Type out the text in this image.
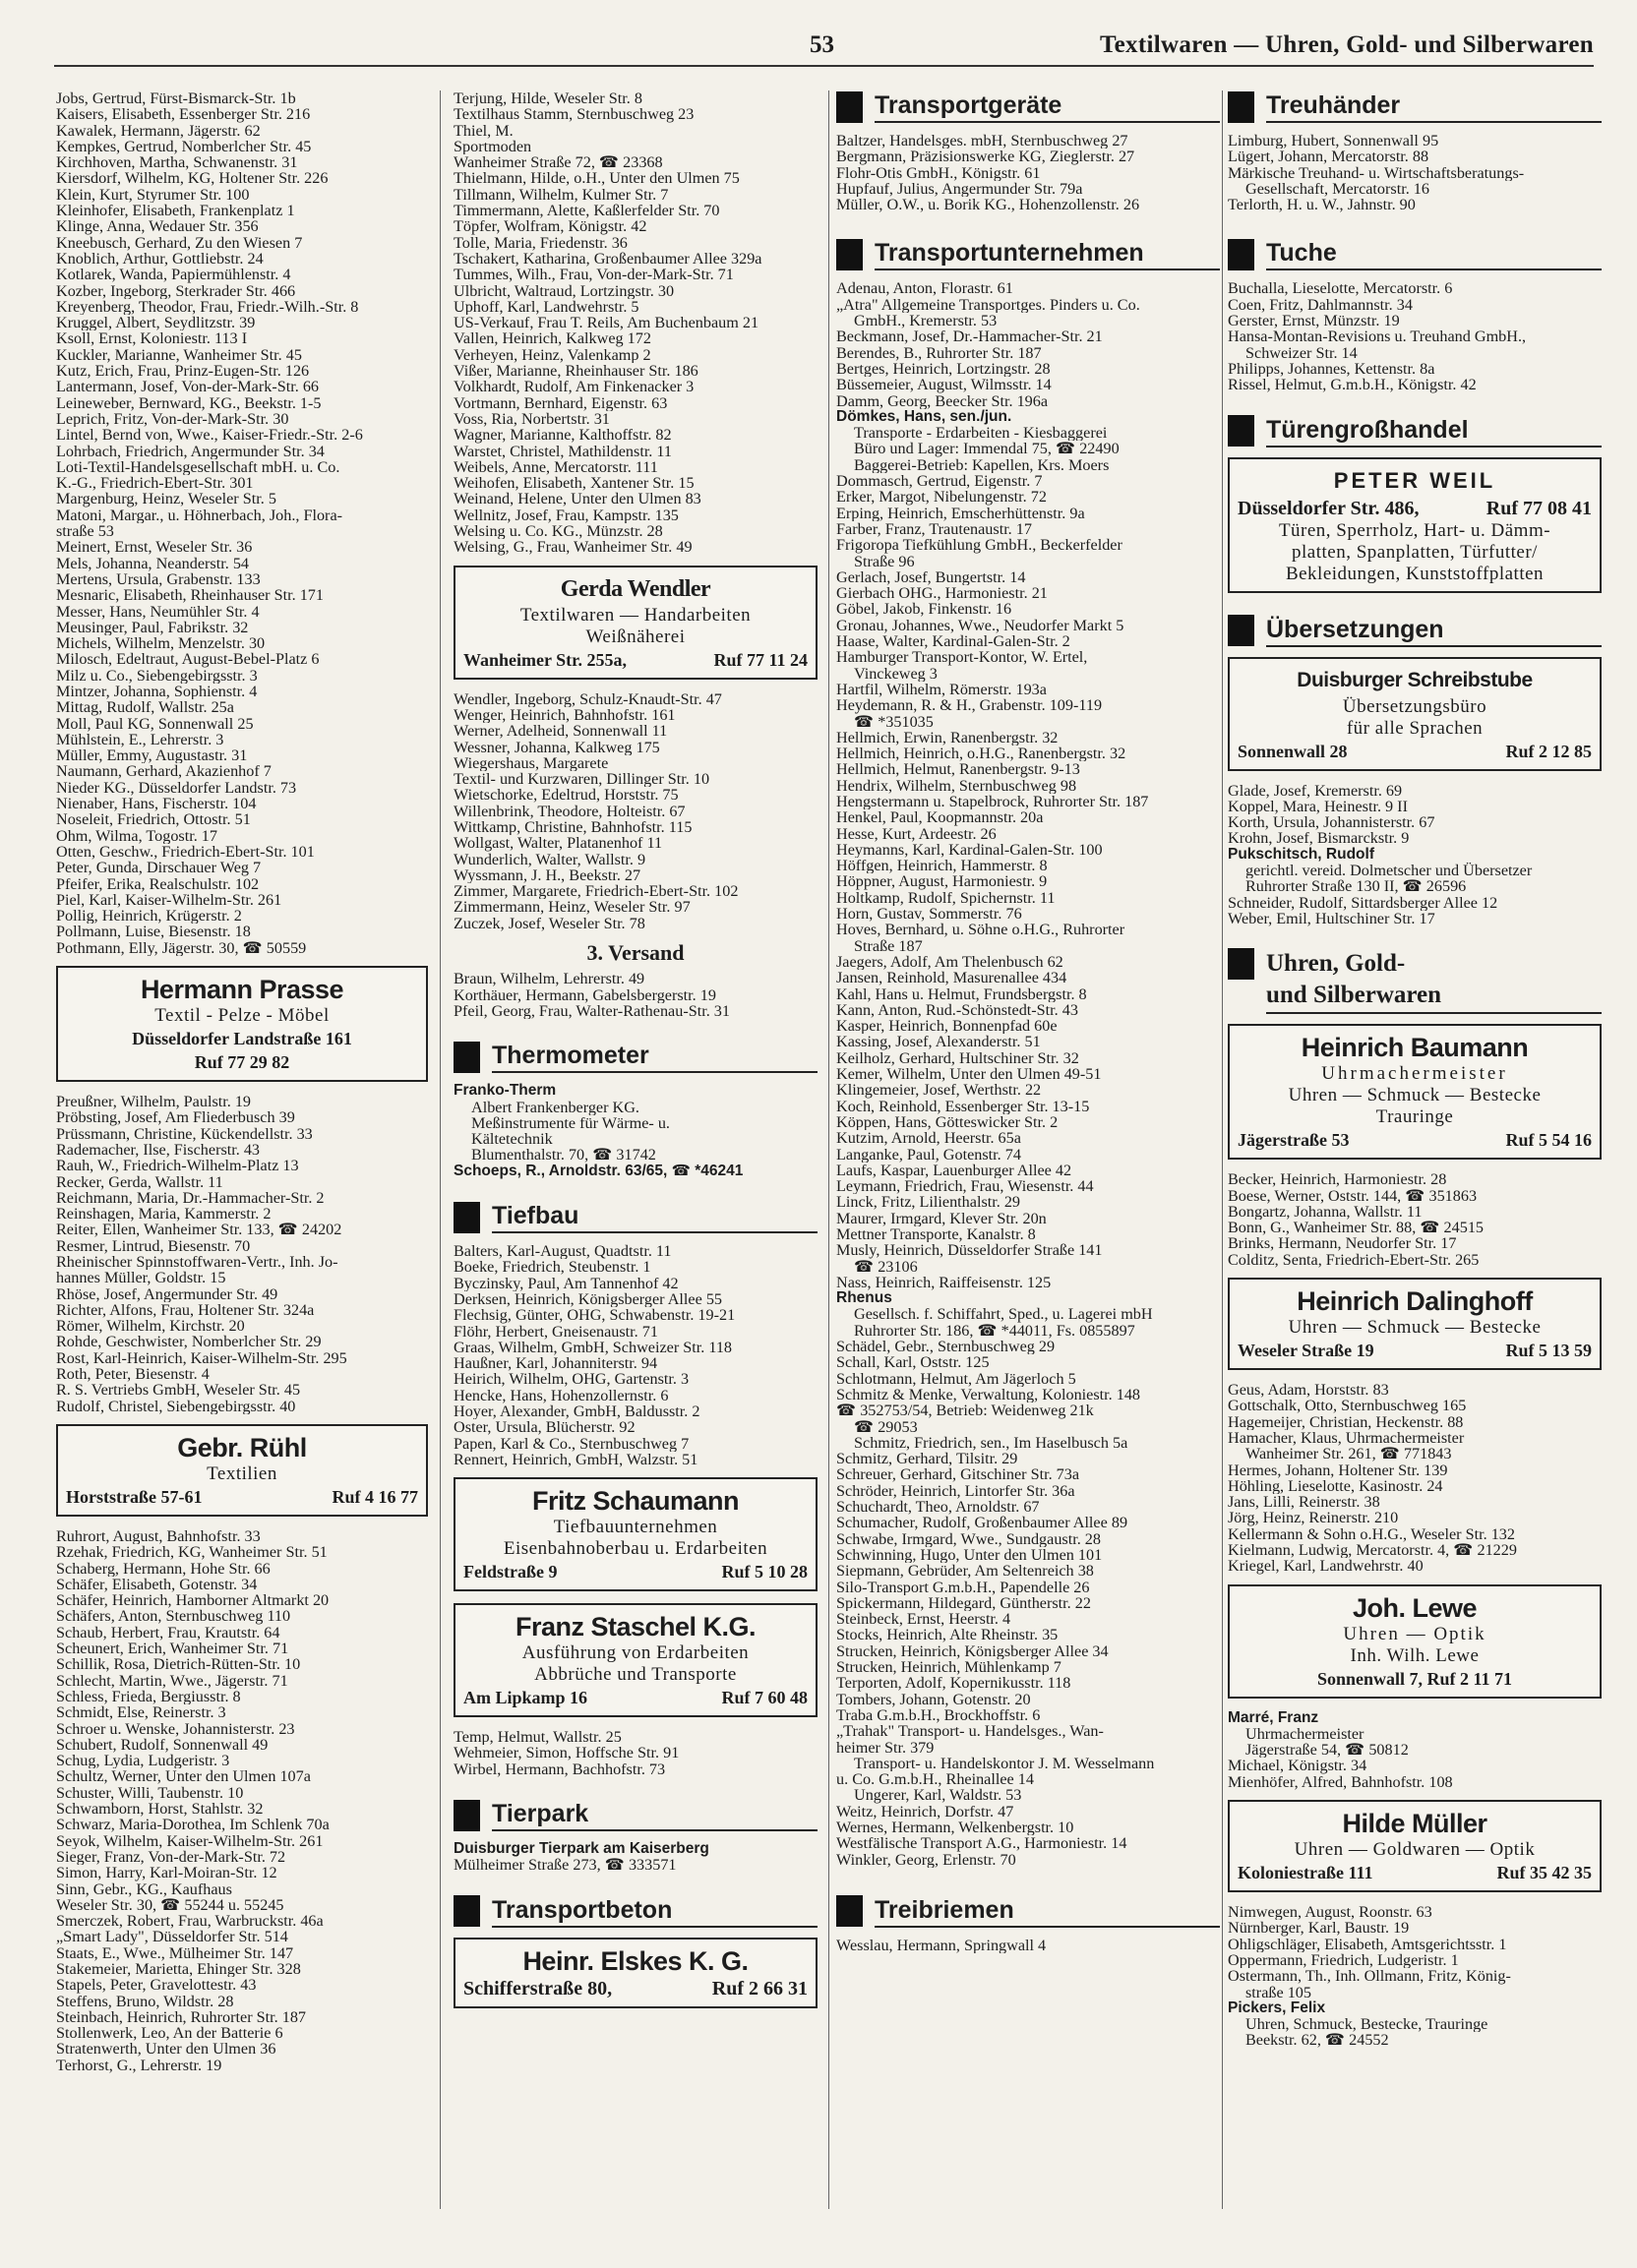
53	Textilwaren — Uhren, Gold- und Silberwaren
Jobs, Gertrud, Fürst-Bismarck-Str. 1b
Kaisers, Elisabeth, Essenberger Str. 216
Kawalek, Hermann, Jägerstr. 62
Kempkes, Gertrud, Nomberlcher Str. 45
Kirchhoven, Martha, Schwanenstr. 31
Kiersdorf, Wilhelm, KG, Holtener Str. 226
Klein, Kurt, Styrumer Str. 100
Kleinhofer, Elisabeth, Frankenplatz 1
Klinge, Anna, Wedauer Str. 356
Kneebusch, Gerhard, Zu den Wiesen 7
Knoblich, Arthur, Gottliebstr. 24
Kotlarek, Wanda, Papiermühlenstr. 4
Kozber, Ingeborg, Sterkrader Str. 466
Kreyenberg, Theodor, Frau, Friedr.-Wilh.-Str. 8
Kruggel, Albert, Seydlitzstr. 39
Ksoll, Ernst, Koloniestr. 113 I
Kuckler, Marianne, Wanheimer Str. 45
Kutz, Erich, Frau, Prinz-Eugen-Str. 126
Lantermann, Josef, Von-der-Mark-Str. 66
Leineweber, Bernward, KG., Beekstr. 1-5
Leprich, Fritz, Von-der-Mark-Str. 30
Lintel, Bernd von, Wwe., Kaiser-Friedr.-Str. 2-6
Lohrbach, Friedrich, Angermunder Str. 34
Loti-Textil-Handelsgesellschaft mbH. u. Co.
K.-G., Friedrich-Ebert-Str. 301
Margenburg, Heinz, Weseler Str. 5
Matoni, Margar., u. Höhnerbach, Joh., Flora-
straße 53
Meinert, Ernst, Weseler Str. 36
Mels, Johanna, Neanderstr. 54
Mertens, Ursula, Grabenstr. 133
Mesnaric, Elisabeth, Rheinhauser Str. 171
Messer, Hans, Neumühler Str. 4
Meusinger, Paul, Fabrikstr. 32
Michels, Wilhelm, Menzelstr. 30
Milosch, Edeltraut, August-Bebel-Platz 6
Milz u. Co., Siebengebirgsstr. 3
Mintzer, Johanna, Sophienstr. 4
Mittag, Rudolf, Wallstr. 25a
Moll, Paul KG, Sonnenwall 25
Mühlstein, E., Lehrerstr. 3
Müller, Emmy, Augustastr. 31
Naumann, Gerhard, Akazienhof 7
Nieder KG., Düsseldorfer Landstr. 73
Nienaber, Hans, Fischerstr. 104
Noseleit, Friedrich, Ottostr. 51
Ohm, Wilma, Togostr. 17
Otten, Geschw., Friedrich-Ebert-Str. 101
Peter, Gunda, Dirschauer Weg 7
Pfeifer, Erika, Realschulstr. 102
Piel, Karl, Kaiser-Wilhelm-Str. 261
Pollig, Heinrich, Krügerstr. 2
Pollmann, Luise, Biesenstr. 18
Pothmann, Elly, Jägerstr. 30, ☎ 50559
Hermann Prasse
Textil - Pelze - Möbel
Düsseldorfer Landstraße 161
Ruf 77 29 82
Preußner, Wilhelm, Paulstr. 19
Pröbsting, Josef, Am Fliederbusch 39
Prüssmann, Christine, Kückendellstr. 33
Rademacher, Ilse, Fischerstr. 43
Rauh, W., Friedrich-Wilhelm-Platz 13
Recker, Gerda, Wallstr. 11
Reichmann, Maria, Dr.-Hammacher-Str. 2
Reinshagen, Maria, Kammerstr. 2
Reiter, Ellen, Wanheimer Str. 133, ☎ 24202
Resmer, Lintrud, Biesenstr. 70
Rheinischer Spinnstoffwaren-Vertr., Inh. Jo-
hannes Müller, Goldstr. 15
Rhöse, Josef, Angermunder Str. 49
Richter, Alfons, Frau, Holtener Str. 324a
Römer, Wilhelm, Kirchstr. 20
Rohde, Geschwister, Nomberlcher Str. 29
Rost, Karl-Heinrich, Kaiser-Wilhelm-Str. 295
Roth, Peter, Biesenstr. 4
R. S. Vertriebs GmbH, Weseler Str. 45
Rudolf, Christel, Siebengebirgsstr. 40
Gebr. Rühl
Textilien
Horststraße 57-61	Ruf 4 16 77
Ruhrort, August, Bahnhofstr. 33
Rzehak, Friedrich, KG, Wanheimer Str. 51
Schaberg, Hermann, Hohe Str. 66
Schäfer, Elisabeth, Gotenstr. 34
Schäfer, Heinrich, Hamborner Altmarkt 20
Schäfers, Anton, Sternbuschweg 110
Schaub, Herbert, Frau, Krautstr. 64
Scheunert, Erich, Wanheimer Str. 71
Schillik, Rosa, Dietrich-Rütten-Str. 10
Schlecht, Martin, Wwe., Jägerstr. 71
Schless, Frieda, Bergiusstr. 8
Schmidt, Else, Reinerstr. 3
Schroer u. Wenske, Johannisterstr. 23
Schubert, Rudolf, Sonnenwall 49
Schug, Lydia, Ludgeristr. 3
Schultz, Werner, Unter den Ulmen 107a
Schuster, Willi, Taubenstr. 10
Schwamborn, Horst, Stahlstr. 32
Schwarz, Maria-Dorothea, Im Schlenk 70a
Seyok, Wilhelm, Kaiser-Wilhelm-Str. 261
Sieger, Franz, Von-der-Mark-Str. 72
Simon, Harry, Karl-Moiran-Str. 12
Sinn, Gebr., KG., Kaufhaus
Weseler Str. 30, ☎ 55244 u. 55245
Smerczek, Robert, Frau, Warbruckstr. 46a
„Smart Lady", Düsseldorfer Str. 514
Staats, E., Wwe., Mülheimer Str. 147
Stakemeier, Marietta, Ehinger Str. 328
Stapels, Peter, Gravelottestr. 43
Steffens, Bruno, Wildstr. 28
Steinbach, Heinrich, Ruhrorter Str. 187
Stollenwerk, Leo, An der Batterie 6
Stratenwerth, Unter den Ulmen 36
Terhorst, G., Lehrerstr. 19
Terjung, Hilde, Weseler Str. 8
Textilhaus Stamm, Sternbuschweg 23
Thiel, M.
Sportmoden
Wanheimer Straße 72, ☎ 23368
Thielmann, Hilde, o.H., Unter den Ulmen 75
Tillmann, Wilhelm, Kulmer Str. 7
Timmermann, Alette, Kaßlerfelder Str. 70
Töpfer, Wolfram, Königstr. 42
Tolle, Maria, Friedenstr. 36
Tschakert, Katharina, Großenbaumer Allee 329a
Tummes, Wilh., Frau, Von-der-Mark-Str. 71
Ulbricht, Waltraud, Lortzingstr. 30
Uphoff, Karl, Landwehrstr. 5
US-Verkauf, Frau T. Reils, Am Buchenbaum 21
Vallen, Heinrich, Kalkweg 172
Verheyen, Heinz, Valenkamp 2
Vißer, Marianne, Rheinhauser Str. 186
Volkhardt, Rudolf, Am Finkenacker 3
Vortmann, Bernhard, Eigenstr. 63
Voss, Ria, Norbertstr. 31
Wagner, Marianne, Kalthoffstr. 82
Warstet, Christel, Mathildenstr. 11
Weibels, Anne, Mercatorstr. 111
Weihofen, Elisabeth, Xantener Str. 15
Weinand, Helene, Unter den Ulmen 83
Wellnitz, Josef, Frau, Kampstr. 135
Welsing u. Co. KG., Münzstr. 28
Welsing, G., Frau, Wanheimer Str. 49
Gerda Wendler
Textilwaren — Handarbeiten
Weißnäherei
Wanheimer Str. 255a,	Ruf 77 11 24
Wendler, Ingeborg, Schulz-Knaudt-Str. 47
Wenger, Heinrich, Bahnhofstr. 161
Werner, Adelheid, Sonnenwall 11
Wessner, Johanna, Kalkweg 175
Wiegershaus, Margarete
Textil- und Kurzwaren, Dillinger Str. 10
Wietschorke, Edeltrud, Horststr. 75
Willenbrink, Theodore, Holteistr. 67
Wittkamp, Christine, Bahnhofstr. 115
Wollgast, Walter, Platanenhof 11
Wunderlich, Walter, Wallstr. 9
Wyssmann, J. H., Beekstr. 27
Zimmer, Margarete, Friedrich-Ebert-Str. 102
Zimmermann, Heinz, Weseler Str. 97
Zuczek, Josef, Weseler Str. 78
3. Versand
Braun, Wilhelm, Lehrerstr. 49
Korthäuer, Hermann, Gabelsbergerstr. 19
Pfeil, Georg, Frau, Walter-Rathenau-Str. 31
Thermometer
Franko-Therm
Albert Frankenberger KG.
Meßinstrumente für Wärme- u.
Kältetechnik
Blumenthalstr. 70, ☎ 31742
Schoeps, R., Arnoldstr. 63/65, ☎ *46241
Tiefbau
Balters, Karl-August, Quadtstr. 11
Boeke, Friedrich, Steubenstr. 1
Byczinsky, Paul, Am Tannenhof 42
Derksen, Heinrich, Königsberger Allee 55
Flechsig, Günter, OHG, Schwabenstr. 19-21
Flöhr, Herbert, Gneisenaustr. 71
Graas, Wilhelm, GmbH, Schweizer Str. 118
Haußner, Karl, Johanniterstr. 94
Heirich, Wilhelm, OHG, Gartenstr. 3
Hencke, Hans, Hohenzollernstr. 6
Hoyer, Alexander, GmbH, Baldusstr. 2
Oster, Ursula, Blücherstr. 92
Papen, Karl & Co., Sternbuschweg 7
Rennert, Heinrich, GmbH, Walzstr. 51
Fritz Schaumann
Tiefbauunternehmen
Eisenbahnoberbau u. Erdarbeiten
Feldstraße 9	Ruf 5 10 28
Franz Staschel K.G.
Ausführung von Erdarbeiten
Abbrüche und Transporte
Am Lipkamp 16	Ruf 7 60 48
Temp, Helmut, Wallstr. 25
Wehmeier, Simon, Hoffsche Str. 91
Wirbel, Hermann, Bachhofstr. 73
Tierpark
Duisburger Tierpark am Kaiserberg
Mülheimer Straße 273, ☎ 333571
Transportbeton
Heinr. Elskes K. G.
Schifferstraße 80,	Ruf 2 66 31
Transportgeräte
Baltzer, Handelsges. mbH, Sternbuschweg 27
Bergmann, Präzisionswerke KG, Zieglerstr. 27
Flohr-Otis GmbH., Königstr. 61
Hupfauf, Julius, Angermunder Str. 79a
Müller, O.W., u. Borik KG., Hohenzollenstr. 26
Transportunternehmen
Adenau, Anton, Florastr. 61
„Atra" Allgemeine Transportges. Pinders u. Co.
GmbH., Kremerstr. 53
Beckmann, Josef, Dr.-Hammacher-Str. 21
Berendes, B., Ruhrorter Str. 187
Bertges, Heinrich, Lortzingstr. 28
Büssemeier, August, Wilmsstr. 14
Damm, Georg, Beecker Str. 196a
Dömkes, Hans, sen./jun.
Transporte - Erdarbeiten - Kiesbaggerei
Büro und Lager: Immendal 75, ☎ 22490
Baggerei-Betrieb: Kapellen, Krs. Moers
Dommasch, Gertrud, Eigenstr. 7
Erker, Margot, Nibelungenstr. 72
Erping, Heinrich, Emscherhüttenstr. 9a
Farber, Franz, Trautenaustr. 17
Frigoropa Tiefkühlung GmbH., Beckerfelder
Straße 96
Gerlach, Josef, Bungertstr. 14
Gierbach OHG., Harmoniestr. 21
Göbel, Jakob, Finkenstr. 16
Gronau, Johannes, Wwe., Neudorfer Markt 5
Haase, Walter, Kardinal-Galen-Str. 2
Hamburger Transport-Kontor, W. Ertel,
Vinckeweg 3
Hartfil, Wilhelm, Römerstr. 193a
Heydemann, R. & H., Grabenstr. 109-119
☎ *351035
Hellmich, Erwin, Ranenbergstr. 32
Hellmich, Heinrich, o.H.G., Ranenbergstr. 32
Hellmich, Helmut, Ranenbergstr. 9-13
Hendrix, Wilhelm, Sternbuschweg 98
Hengstermann u. Stapelbrock, Ruhrorter Str. 187
Henkel, Paul, Koopmannstr. 20a
Hesse, Kurt, Ardeestr. 26
Heymanns, Karl, Kardinal-Galen-Str. 100
Höffgen, Heinrich, Hammerstr. 8
Höppner, August, Harmoniestr. 9
Holtkamp, Rudolf, Spichernstr. 11
Horn, Gustav, Sommerstr. 76
Hoves, Bernhard, u. Söhne o.H.G., Ruhrorter
Straße 187
Jaegers, Adolf, Am Thelenbusch 62
Jansen, Reinhold, Masurenallee 434
Kahl, Hans u. Helmut, Frundsbergstr. 8
Kann, Anton, Rud.-Schönstedt-Str. 43
Kasper, Heinrich, Bonnenpfad 60e
Kassing, Josef, Alexanderstr. 51
Keilholz, Gerhard, Hultschiner Str. 32
Kemer, Wilhelm, Unter den Ulmen 49-51
Klingemeier, Josef, Werthstr. 22
Koch, Reinhold, Essenberger Str. 13-15
Köppen, Hans, Götteswicker Str. 2
Kutzim, Arnold, Heerstr. 65a
Langanke, Paul, Gotenstr. 74
Laufs, Kaspar, Lauenburger Allee 42
Leymann, Friedrich, Frau, Wiesenstr. 44
Linck, Fritz, Lilienthalstr. 29
Maurer, Irmgard, Klever Str. 20n
Mettner Transporte, Kanalstr. 8
Musly, Heinrich, Düsseldorfer Straße 141
☎ 23106
Nass, Heinrich, Raiffeisenstr. 125
Rhenus
Gesellsch. f. Schiffahrt, Sped., u. Lagerei mbH
Ruhrorter Str. 186, ☎ *44011, Fs. 0855897
Schädel, Gebr., Sternbuschweg 29
Schall, Karl, Oststr. 125
Schlotmann, Helmut, Am Jägerloch 5
Schmitz & Menke, Verwaltung, Koloniestr. 148
☎ 352753/54, Betrieb: Weidenweg 21k
☎ 29053
Schmitz, Friedrich, sen., Im Haselbusch 5a
Schmitz, Gerhard, Tilsitr. 29
Schreuer, Gerhard, Gitschiner Str. 73a
Schröder, Heinrich, Lintorfer Str. 36a
Schuchardt, Theo, Arnoldstr. 67
Schumacher, Rudolf, Großenbaumer Allee 89
Schwabe, Irmgard, Wwe., Sundgaustr. 28
Schwinning, Hugo, Unter den Ulmen 101
Siepmann, Gebrüder, Am Seltenreich 38
Silo-Transport G.m.b.H., Papendelle 26
Spickermann, Hildegard, Güntherstr. 22
Steinbeck, Ernst, Heerstr. 4
Stocks, Heinrich, Alte Rheinstr. 35
Strucken, Heinrich, Königsberger Allee 34
Strucken, Heinrich, Mühlenkamp 7
Terporten, Adolf, Kopernikusstr. 118
Tombers, Johann, Gotenstr. 20
Traba G.m.b.H., Brockhoffstr. 6
„Trahak" Transport- u. Handelsges., Wan-
heimer Str. 379
Transport- u. Handelskontor J. M. Wesselmann
u. Co. G.m.b.H., Rheinallee 14
Ungerer, Karl, Waldstr. 53
Weitz, Heinrich, Dorfstr. 47
Wernes, Hermann, Welkenbergstr. 10
Westfälische Transport A.G., Harmoniestr. 14
Winkler, Georg, Erlenstr. 70
Treibriemen
Wesslau, Hermann, Springwall 4
Treuhänder
Limburg, Hubert, Sonnenwall 95
Lügert, Johann, Mercatorstr. 88
Märkische Treuhand- u. Wirtschaftsberatungs-
Gesellschaft, Mercatorstr. 16
Terlorth, H. u. W., Jahnstr. 90
Tuche
Buchalla, Lieselotte, Mercatorstr. 6
Coen, Fritz, Dahlmannstr. 34
Gerster, Ernst, Münzstr. 19
Hansa-Montan-Revisions u. Treuhand GmbH.,
Schweizer Str. 14
Philipps, Johannes, Kettenstr. 8a
Rissel, Helmut, G.m.b.H., Königstr. 42
Türengroßhandel
PETER WEIL
Düsseldorfer Str. 486,	Ruf 77 08 41
Türen, Sperrholz, Hart- u. Dämm-
platten, Spanplatten, Türfutter/
Bekleidungen, Kunststoffplatten
Übersetzungen
Duisburger Schreibstube
Übersetzungsbüro
für alle Sprachen
Sonnenwall 28	Ruf 2 12 85
Glade, Josef, Kremerstr. 69
Koppel, Mara, Heinestr. 9 II
Korth, Ursula, Johannisterstr. 67
Krohn, Josef, Bismarckstr. 9
Pukschitsch, Rudolf
gerichtl. vereid. Dolmetscher und Übersetzer
Ruhrorter Straße 130 II, ☎ 26596
Schneider, Rudolf, Sittardsberger Allee 12
Weber, Emil, Hultschiner Str. 17
Uhren, Gold-
und Silberwaren
Heinrich Baumann
Uhrmachermeister
Uhren — Schmuck — Bestecke
Trauringe
Jägerstraße 53	Ruf 5 54 16
Becker, Heinrich, Harmoniestr. 28
Boese, Werner, Oststr. 144, ☎ 351863
Bongartz, Johanna, Wallstr. 11
Bonn, G., Wanheimer Str. 88, ☎ 24515
Brinks, Hermann, Neudorfer Str. 17
Colditz, Senta, Friedrich-Ebert-Str. 265
Heinrich Dalinghoff
Uhren — Schmuck — Bestecke
Weseler Straße 19	Ruf 5 13 59
Geus, Adam, Horststr. 83
Gottschalk, Otto, Sternbuschweg 165
Hagemeijer, Christian, Heckenstr. 88
Hamacher, Klaus, Uhrmachermeister
Wanheimer Str. 261, ☎ 771843
Hermes, Johann, Holtener Str. 139
Höhling, Lieselotte, Kasinostr. 24
Jans, Lilli, Reinerstr. 38
Jörg, Heinz, Reinerstr. 210
Kellermann & Sohn o.H.G., Weseler Str. 132
Kielmann, Ludwig, Mercatorstr. 4, ☎ 21229
Kriegel, Karl, Landwehrstr. 40
Joh. Lewe
Uhren — Optik
Inh. Wilh. Lewe
Sonnenwall 7, Ruf 2 11 71
Marré, Franz
Uhrmachermeister
Jägerstraße 54, ☎ 50812
Michael, Königstr. 34
Mienhöfer, Alfred, Bahnhofstr. 108
Hilde Müller
Uhren — Goldwaren — Optik
Koloniestraße 111	Ruf 35 42 35
Nimwegen, August, Roonstr. 63
Nürnberger, Karl, Baustr. 19
Ohligschläger, Elisabeth, Amtsgerichtsstr. 1
Oppermann, Friedrich, Ludgeristr. 1
Ostermann, Th., Inh. Ollmann, Fritz, König-
straße 105
Pickers, Felix
Uhren, Schmuck, Bestecke, Trauringe
Beekstr. 62, ☎ 24552
